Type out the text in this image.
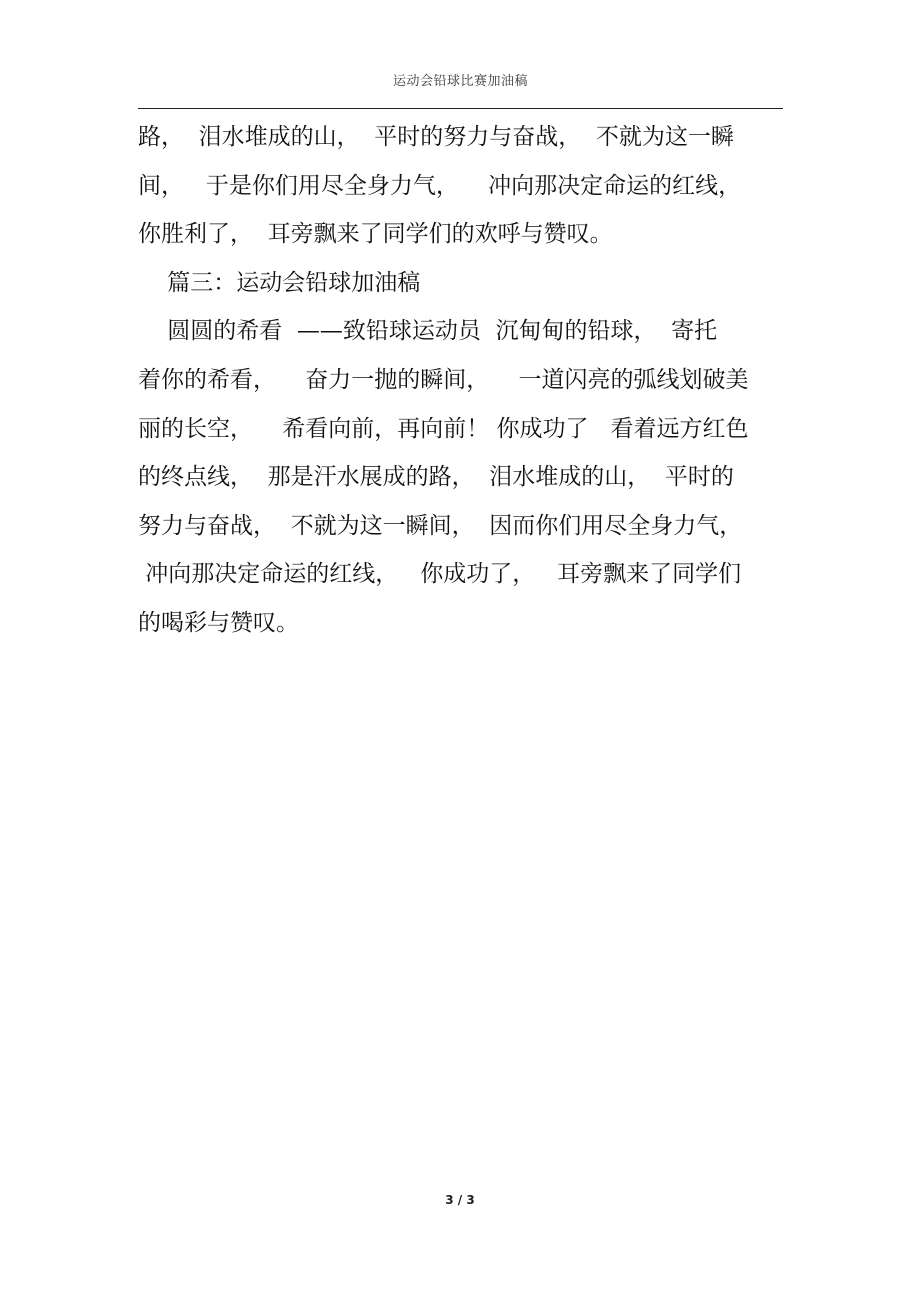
运动会铅球比赛加油稿
路，  泪水堆成的山，  平时的努力与奋战，  不就为这一瞬
间，   于是你们用尽全身力气，    冲向那决定命运的红线，
你胜利了，  耳旁飘来了同学们的欢呼与赞叹。
篇三：运动会铅球加油稿
圆圆的希看  ——致铅球运动员  沉甸甸的铅球，  寄托
着你的希看，    奋力一抛的瞬间，    一道闪亮的弧线划破美
丽的长空，    希看向前，再向前！ 你成功了   看着远方红色
的终点线，  那是汗水展成的路，  泪水堆成的山，  平时的
努力与奋战，  不就为这一瞬间，  因而你们用尽全身力气，
冲向那决定命运的红线，   你成功了，   耳旁飘来了同学们
的喝彩与赞叹。
3 / 3
